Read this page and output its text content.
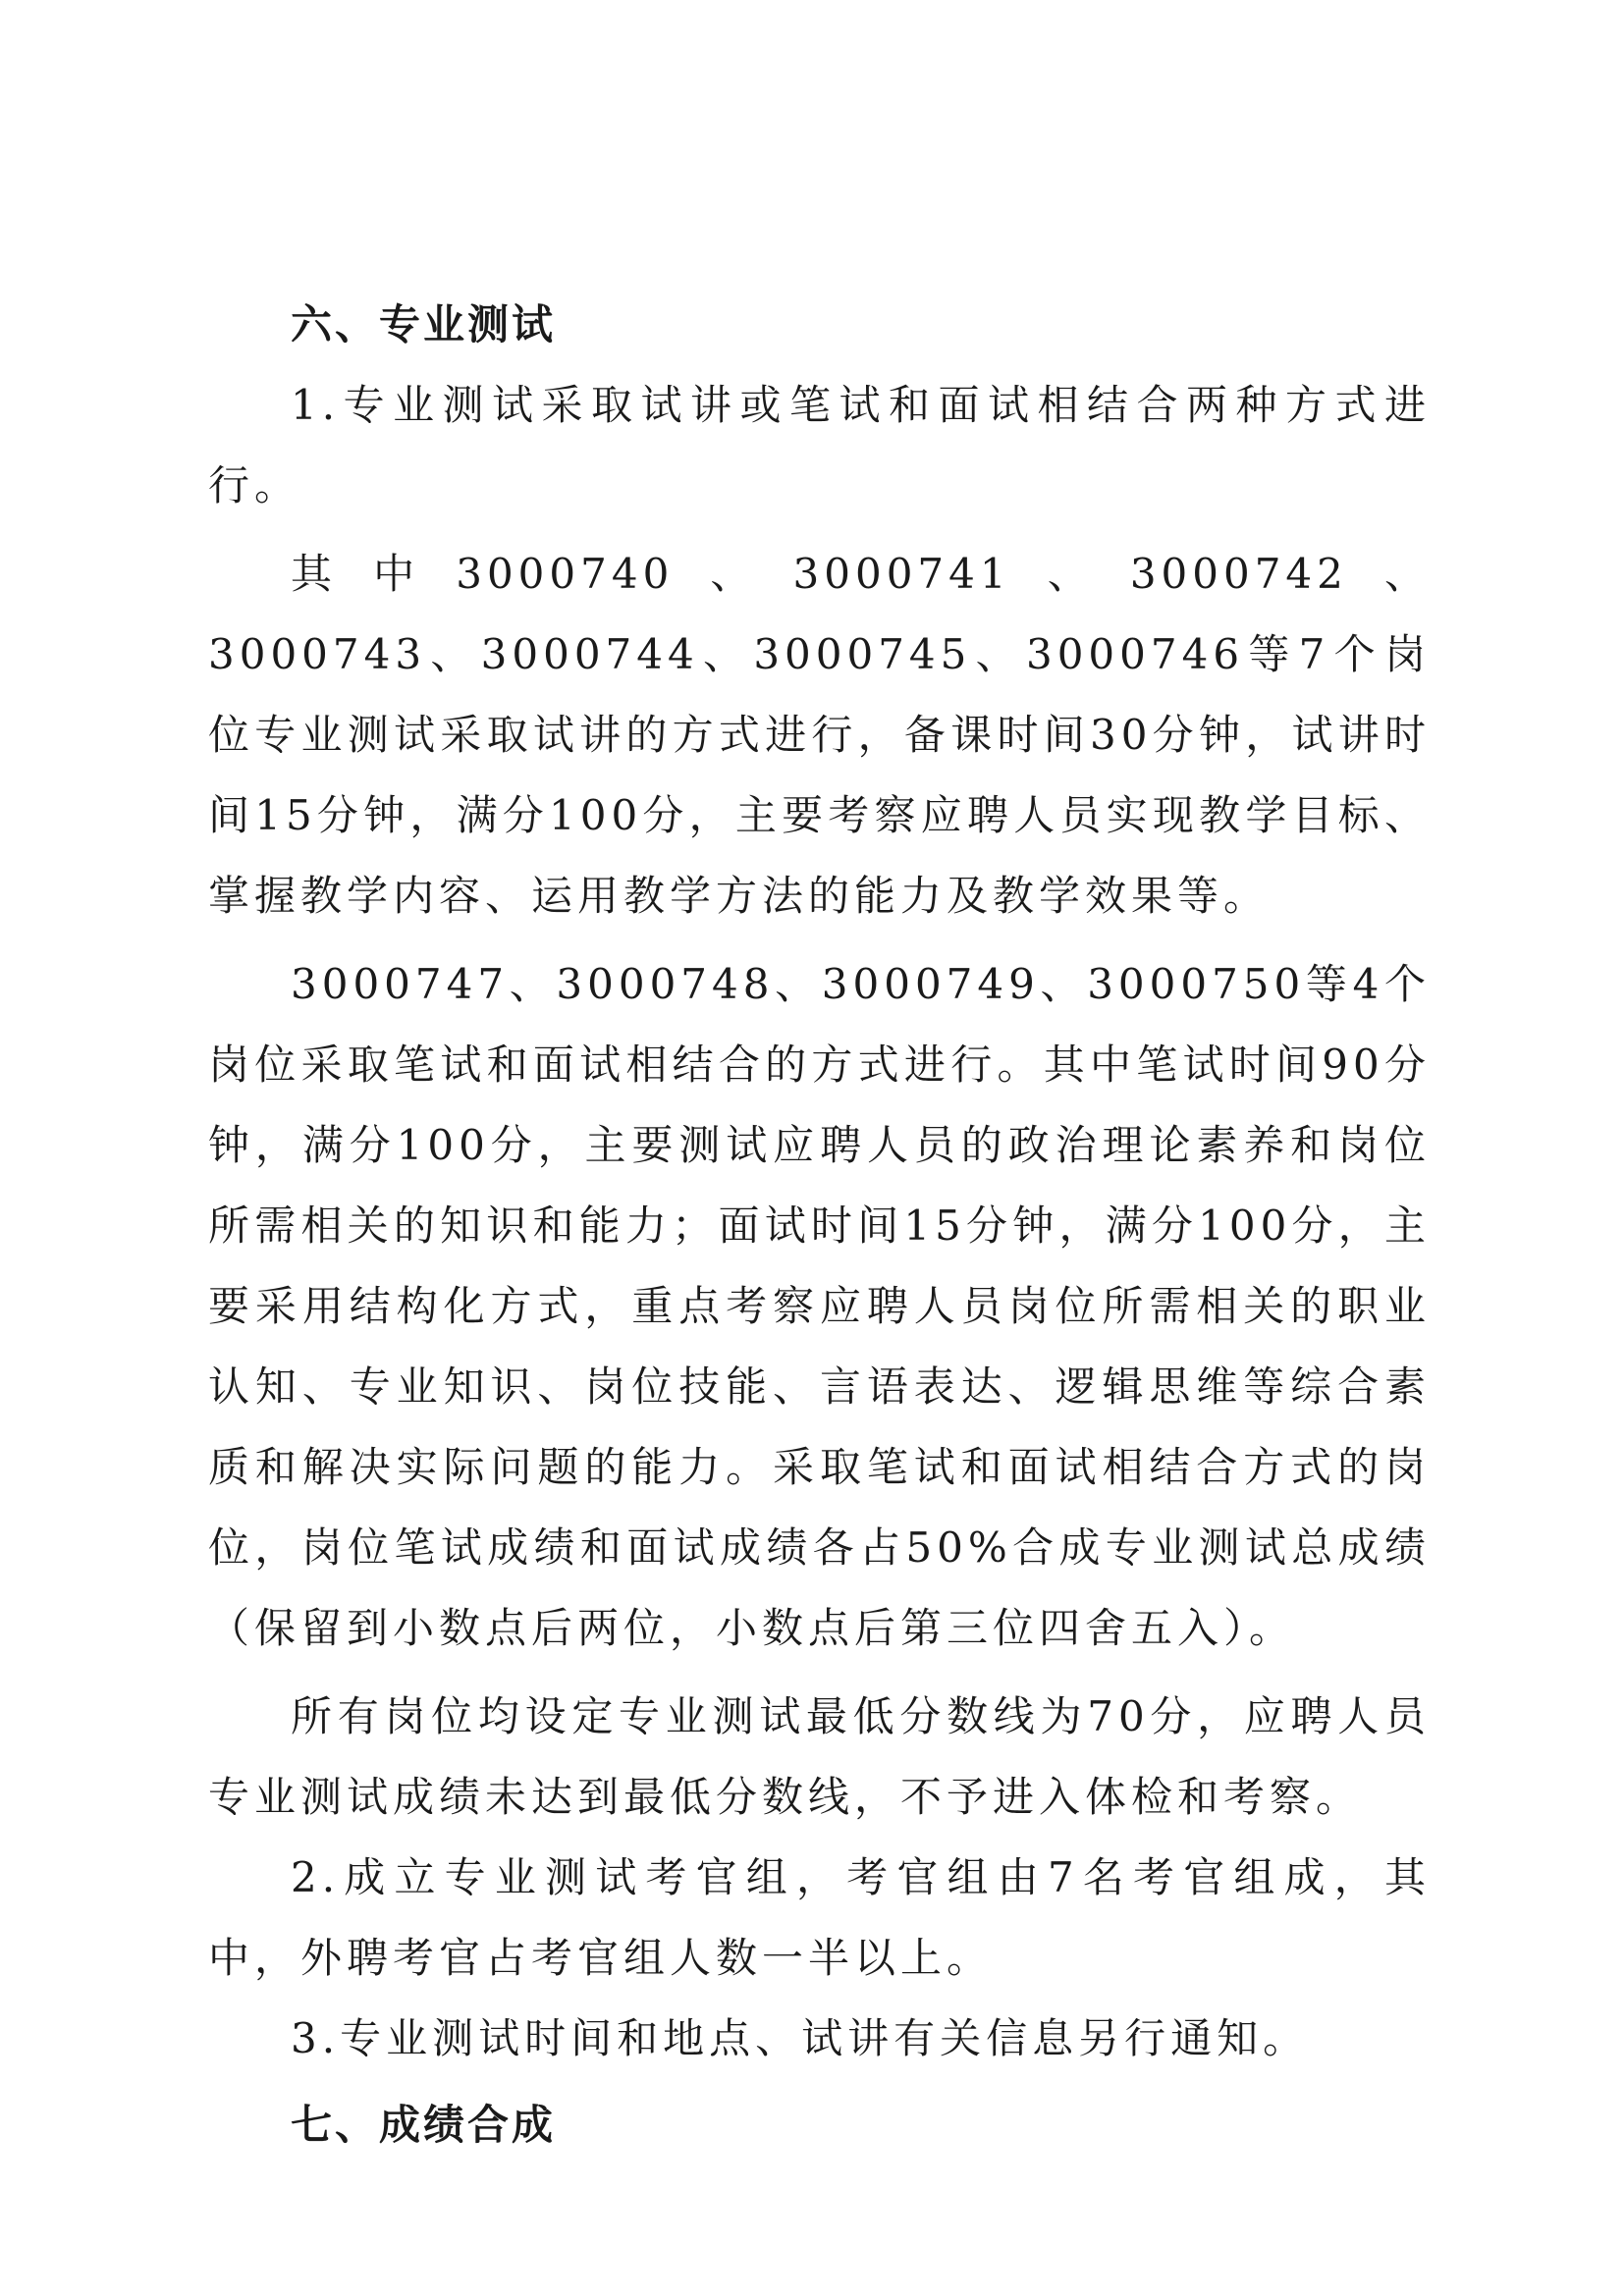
六、专业测试

1.专业测试采取试讲或笔试和面试相结合两种方式进行。

其中3000740、3000741、3000742、3000743、3000744、3000745、3000746等7个岗位专业测试采取试讲的方式进行，备课时间30分钟，试讲时间15分钟，满分100分，主要考察应聘人员实现教学目标、掌握教学内容、运用教学方法的能力及教学效果等。

3000747、3000748、3000749、3000750等4个岗位采取笔试和面试相结合的方式进行。其中笔试时间90分钟，满分100分，主要测试应聘人员的政治理论素养和岗位所需相关的知识和能力；面试时间15分钟，满分100分，主要采用结构化方式，重点考察应聘人员岗位所需相关的职业认知、专业知识、岗位技能、言语表达、逻辑思维等综合素质和解决实际问题的能力。采取笔试和面试相结合方式的岗位，岗位笔试成绩和面试成绩各占50%合成专业测试总成绩（保留到小数点后两位，小数点后第三位四舍五入）。

所有岗位均设定专业测试最低分数线为70分，应聘人员专业测试成绩未达到最低分数线，不予进入体检和考察。

2.成立专业测试考官组，考官组由7名考官组成，其中，外聘考官占考官组人数一半以上。

3.专业测试时间和地点、试讲有关信息另行通知。

七、成绩合成
